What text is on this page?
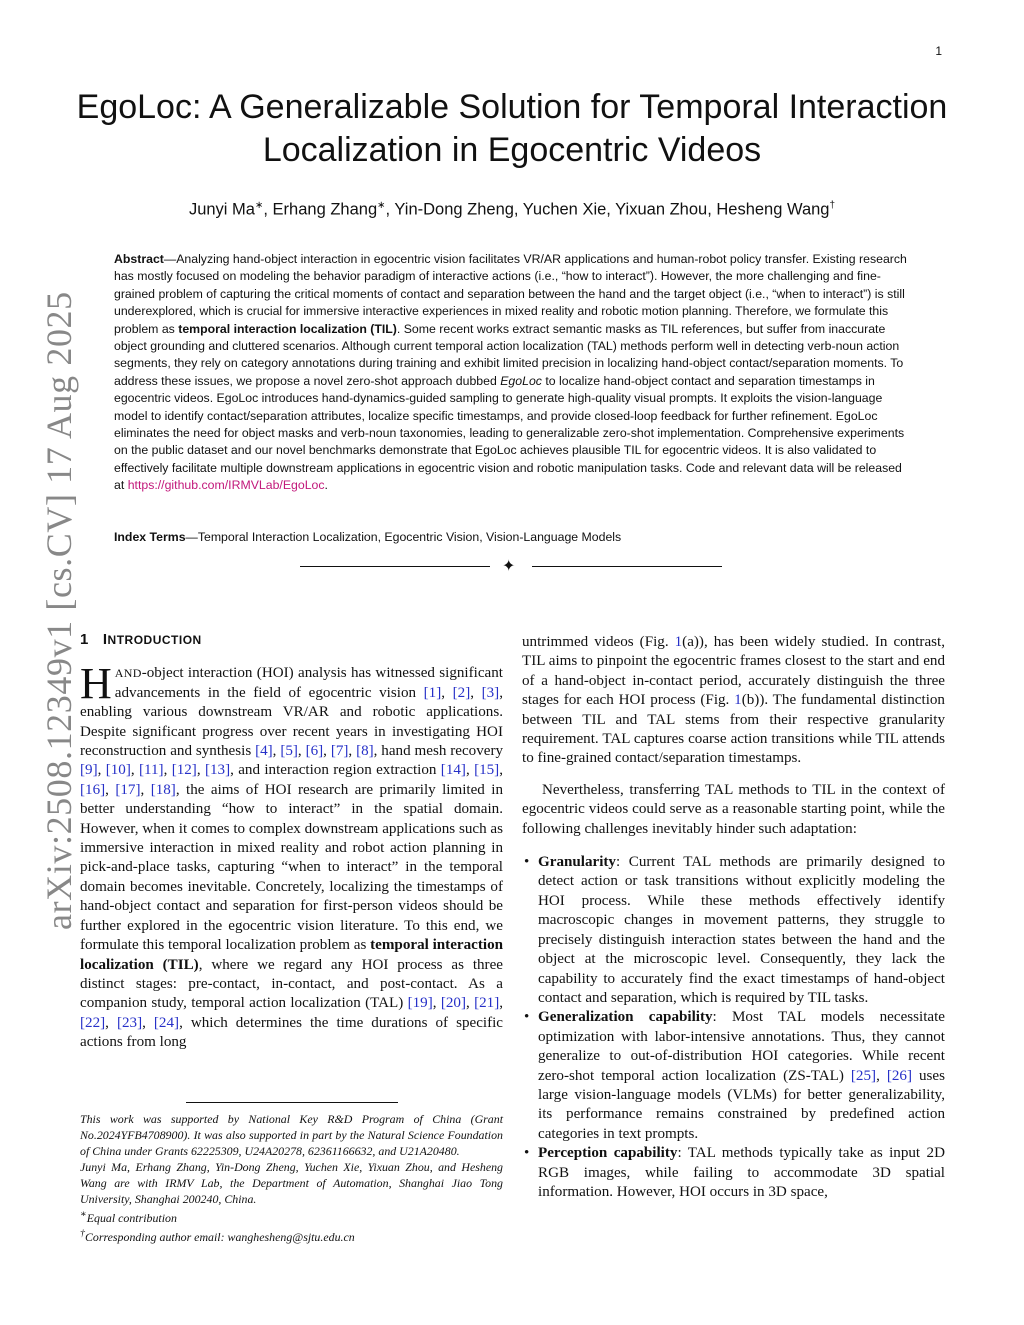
1
EgoLoc: A Generalizable Solution for Temporal Interaction
Localization in Egocentric Videos
Junyi Ma∗, Erhang Zhang∗, Yin-Dong Zheng, Yuchen Xie, Yixuan Zhou, Hesheng Wang†

Abstract—Analyzing hand-object interaction in egocentric vision facilitates VR/AR applications and human-robot policy transfer. Existing research has mostly focused on modeling the behavior paradigm of interactive actions (i.e., “how to interact”). However, the more challenging and fine-grained problem of capturing the critical moments of contact and separation between the hand and the target object (i.e., “when to interact”) is still underexplored, which is crucial for immersive interactive experiences in mixed reality and robotic motion planning. Therefore, we formulate this problem as temporal interaction localization (TIL). Some recent works extract semantic masks as TIL references, but suffer from inaccurate object grounding and cluttered scenarios. Although current temporal action localization (TAL) methods perform well in detecting verb-noun action segments, they rely on category annotations during training and exhibit limited precision in localizing hand-object contact/separation moments. To address these issues, we propose a novel zero-shot approach dubbed EgoLoc to localize hand-object contact and separation timestamps in egocentric videos. EgoLoc introduces hand-dynamics-guided sampling to generate high-quality visual prompts. It exploits the vision-language model to identify contact/separation attributes, localize specific timestamps, and provide closed-loop feedback for further refinement. EgoLoc eliminates the need for object masks and verb-noun taxonomies, leading to generalizable zero-shot implementation. Comprehensive experiments on the public dataset and our novel benchmarks demonstrate that EgoLoc achieves plausible TIL for egocentric videos. It is also validated to effectively facilitate multiple downstream applications in egocentric vision and robotic manipulation tasks. Code and relevant data will be released at https://github.com/IRMVLab/EgoLoc.

Index Terms—Temporal Interaction Localization, Egocentric Vision, Vision-Language Models

✦
arXiv:2508.12349v1 [cs.CV] 17 Aug 2025 1 INTRODUCTION

HAND-object interaction (HOI) analysis has witnessed significant advancements in the field of egocentric vision [1], [2], [3], enabling various downstream VR/AR and robotic applications. Despite significant progress over recent years in investigating HOI reconstruction and synthesis [4], [5], [6], [7], [8], hand mesh recovery [9], [10], [11], [12], [13], and interaction region extraction [14], [15], [16], [17], [18], the aims of HOI research are primarily limited in better understanding “how to interact” in the spatial domain. However, when it comes to complex downstream applications such as immersive interaction in mixed reality and robot action planning in pick-and-place tasks, capturing “when to interact” in the temporal domain becomes inevitable. Concretely, localizing the timestamps of hand-object contact and separation for first-person videos should be further explored in the egocentric vision literature. To this end, we formulate this temporal localization problem as temporal interaction localization (TIL), where we regard any HOI process as three distinct stages: pre-contact, in-contact, and post-contact. As a companion study, temporal action localization (TAL) [19], [20], [21], [22], [23], [24], which determines the time durations of specific actions from long

This work was supported by National Key R&D Program of China (Grant No.2024YFB4708900). It was also supported in part by the Natural Science Foundation of China under Grants 62225309, U24A20278, 62361166632, and U21A20480.

Junyi Ma, Erhang Zhang, Yin-Dong Zheng, Yuchen Xie, Yixuan Zhou, and Hesheng Wang are with IRMV Lab, the Department of Automation, Shanghai Jiao Tong University, Shanghai 200240, China.

∗Equal contribution

†Corresponding author email: wanghesheng@sjtu.edu.cn

untrimmed videos (Fig. 1(a)), has been widely studied. In contrast, TIL aims to pinpoint the egocentric frames closest to the start and end of a hand-object in-contact period, accurately distinguish the three stages for each HOI process (Fig. 1(b)). The fundamental distinction between TIL and TAL stems from their respective granularity requirement. TAL captures coarse action transitions while TIL attends to fine-grained contact/separation timestamps.

Nevertheless, transferring TAL methods to TIL in the context of egocentric videos could serve as a reasonable starting point, while the following challenges inevitably hinder such adaptation:

• Granularity: Current TAL methods are primarily designed to detect action or task transitions without explicitly modeling the HOI process. While these methods effectively identify macroscopic changes in movement patterns, they struggle to precisely distinguish interaction states between the hand and the object at the microscopic level. Consequently, they lack the capability to accurately find the exact timestamps of hand-object contact and separation, which is required by TIL tasks.
• Generalization capability: Most TAL models necessitate optimization with labor-intensive annotations. Thus, they cannot generalize to out-of-distribution HOI categories. While recent zero-shot temporal action localization (ZS-TAL) [25], [26] uses large vision-language models (VLMs) for better generalizability, its performance remains constrained by predefined action categories in text prompts.
• Perception capability: TAL methods typically take as input 2D RGB images, while failing to accommodate 3D spatial information. However, HOI occurs in 3D space,
